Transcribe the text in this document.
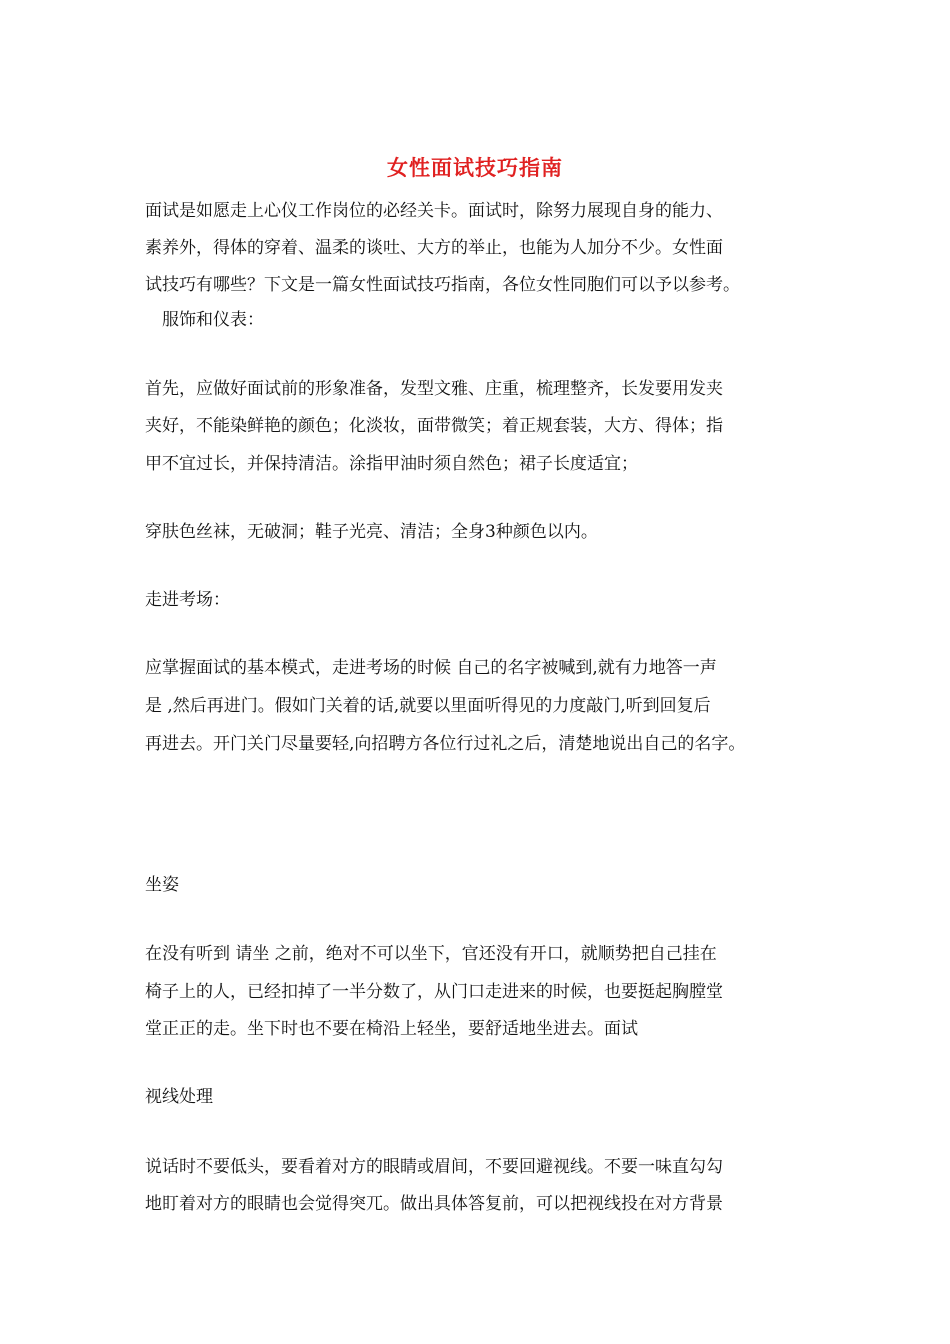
女性面试技巧指南
面试是如愿走上心仪工作岗位的必经关卡。面试时，除努力展现自身的能力、
素养外，得体的穿着、温柔的谈吐、大方的举止，也能为人加分不少。女性面
试技巧有哪些？下文是一篇女性面试技巧指南，各位女性同胞们可以予以参考。
　服饰和仪表：
首先，应做好面试前的形象准备，发型文雅、庄重，梳理整齐，长发要用发夹
夹好，不能染鲜艳的颜色；化淡妆，面带微笑；着正规套装，大方、得体；指
甲不宜过长，并保持清洁。涂指甲油时须自然色；裙子长度适宜；
穿肤色丝袜，无破洞；鞋子光亮、清洁；全身3种颜色以内。
走进考场：
应掌握面试的基本模式，走进考场的时候 自己的名字被喊到,就有力地答一声
是 ,然后再进门。假如门关着的话,就要以里面听得见的力度敲门,听到回复后
再进去。开门关门尽量要轻,向招聘方各位行过礼之后，清楚地说出自己的名字。
坐姿
在没有听到 请坐 之前，绝对不可以坐下，官还没有开口，就顺势把自己挂在
椅子上的人，已经扣掉了一半分数了，从门口走进来的时候，也要挺起胸膛堂
堂正正的走。坐下时也不要在椅沿上轻坐，要舒适地坐进去。面试
视线处理
说话时不要低头，要看着对方的眼睛或眉间，不要回避视线。不要一味直勾勾
地盯着对方的眼睛也会觉得突兀。做出具体答复前，可以把视线投在对方背景
